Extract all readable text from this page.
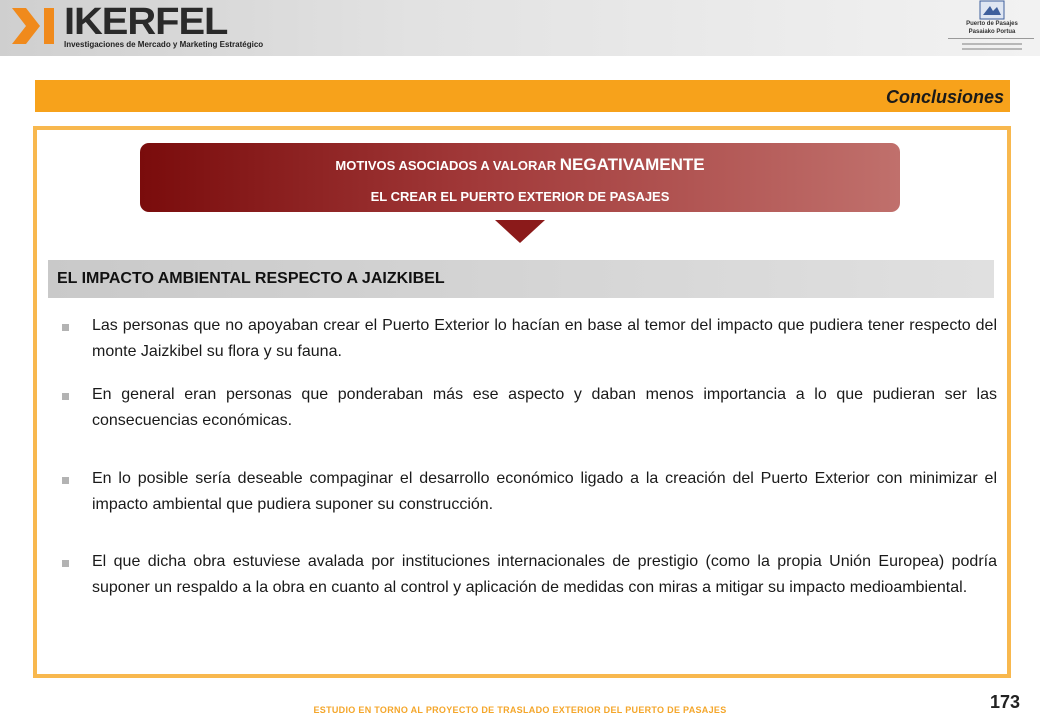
IKERFEL
Investigaciones de Mercado y Marketing Estratégico
Puerto de Pasajes
Pasaiako Portua
Conclusiones
MOTIVOS ASOCIADOS A VALORAR NEGATIVAMENTE
EL CREAR EL PUERTO EXTERIOR DE PASAJES
EL IMPACTO AMBIENTAL RESPECTO A JAIZKIBEL
Las personas que no apoyaban crear el Puerto Exterior lo hacían en base al temor del impacto que pudiera tener respecto del monte Jaizkibel su flora y su fauna.
En general eran personas que ponderaban más ese aspecto y daban menos importancia a lo que pudieran ser las consecuencias económicas.
En lo posible sería deseable compaginar el desarrollo económico ligado a la creación del Puerto Exterior con minimizar el impacto ambiental que pudiera suponer su construcción.
El que dicha obra estuviese avalada por instituciones internacionales de prestigio (como la propia Unión Europea) podría suponer un respaldo a la obra en cuanto al control y aplicación de medidas con miras a mitigar su impacto medioambiental.
ESTUDIO EN TORNO AL PROYECTO DE TRASLADO EXTERIOR DEL PUERTO DE PASAJES	173
